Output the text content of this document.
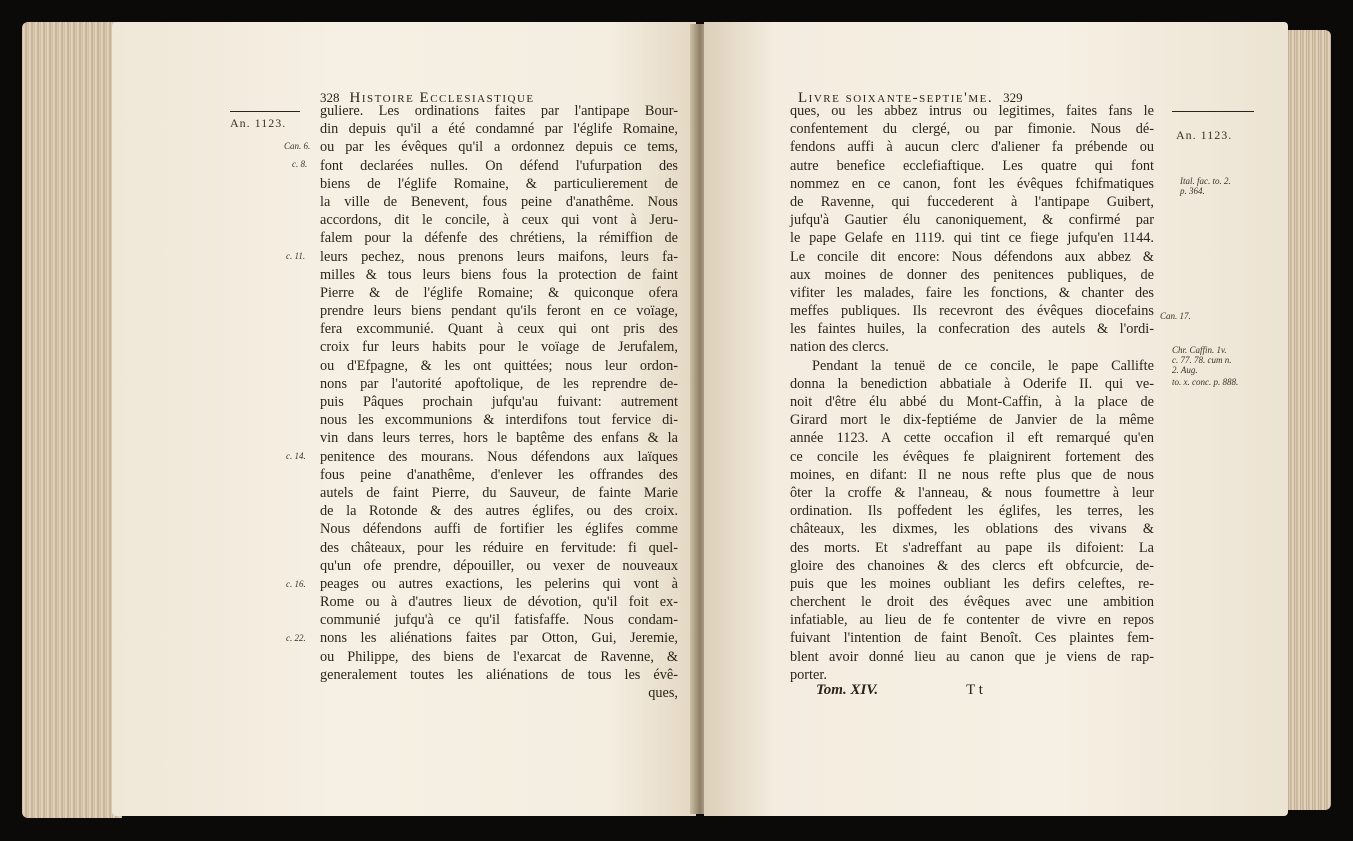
328 Histoire Ecclesiastique
An. 1123.
Can. 6.
c. 8.
c. 11.
c. 14.
c. 16.
c. 22.
guliere. Les ordinations faites par l'antipape Bour-
din depuis qu'il a été condamné par l'églife Romaine,
ou par les évêques qu'il a ordonnez depuis ce tems,
font declarées nulles. On défend l'ufurpation des
biens de l'églife Romaine, & particulierement de
la ville de Benevent, fous peine d'anathême. Nous
accordons, dit le concile, à ceux qui vont à Jeru-
falem pour la défenfe des chrétiens, la rémiffion de
leurs pechez, nous prenons leurs maifons, leurs fa-
milles & tous leurs biens fous la protection de faint
Pierre & de l'églife Romaine; & quiconque ofera
prendre leurs biens pendant qu'ils feront en ce voïage,
fera excommunié. Quant à ceux qui ont pris des
croix fur leurs habits pour le voïage de Jerufalem,
ou d'Efpagne, & les ont quittées; nous leur ordon-
nons par l'autorité apoftolique, de les reprendre de-
puis Pâques prochain jufqu'au fuivant: autrement
nous les excommunions & interdifons tout fervice di-
vin dans leurs terres, hors le baptême des enfans & la
penitence des mourans. Nous défendons aux laïques
fous peine d'anathême, d'enlever les offrandes des
autels de faint Pierre, du Sauveur, de fainte Marie
de la Rotonde & des autres églifes, ou des croix.
Nous défendons auffi de fortifier les églifes comme
des châteaux, pour les réduire en fervitude: fi quel-
qu'un ofe prendre, dépouiller, ou vexer de nouveaux
peages ou autres exactions, les pelerins qui vont à
Rome ou à d'autres lieux de dévotion, qu'il foit ex-
communié jufqu'à ce qu'il fatisfaffe. Nous condam-
nons les aliénations faites par Otton, Gui, Jeremie,
ou Philippe, des biens de l'exarcat de Ravenne, &
generalement toutes les aliénations de tous les évê-
ques,
Livre soixante-septie'me. 329
ques, ou les abbez intrus ou legitimes, faites fans le
confentement du clergé, ou par fimonie. Nous dé-
fendons auffi à aucun clerc d'aliener fa prébende ou
autre benefice ecclefiaftique. Les quatre qui font
nommez en ce canon, font les évêques fchifmatiques
de Ravenne, qui fuccederent à l'antipape Guibert,
jufqu'à Gautier élu canoniquement, & confirmé par
le pape Gelafe en 1119. qui tint ce fiege jufqu'en 1144.
Le concile dit encore: Nous défendons aux abbez &
aux moines de donner des penitences publiques, de
vifiter les malades, faire les fonctions, & chanter des
meffes publiques. Ils recevront des évêques diocefains
les faintes huiles, la confecration des autels & l'ordi-
nation des clercs.
Pendant la tenuë de ce concile, le pape Callifte
donna la benediction abbatiale à Oderife II. qui ve-
noit d'être élu abbé du Mont-Caffin, à la place de
Girard mort le dix-feptiéme de Janvier de la même
année 1123. A cette occafion il eft remarqué qu'en
ce concile les évêques fe plaignirent fortement des
moines, en difant: Il ne nous refte plus que de nous
ôter la croffe & l'anneau, & nous foumettre à leur
ordination. Ils poffedent les églifes, les terres, les
châteaux, les dixmes, les oblations des vivans &
des morts. Et s'adreffant au pape ils difoient: La
gloire des chanoines & des clercs eft obfcurcie, de-
puis que les moines oubliant les defirs celeftes, re-
cherchent le droit des évêques avec une ambition
infatiable, au lieu de fe contenter de vivre en repos
fuivant l'intention de faint Benoît. Ces plaintes fem-
blent avoir donné lieu au canon que je viens de rap-
porter.
Tom. XIV.	T t
An. 1123.
Ital. fac. to. 2.
p. 364.
Can. 17.
Chr. Caffin. 1v.
c. 77. 78. cum n.
2. Aug.
to. x. conc. p. 888.
